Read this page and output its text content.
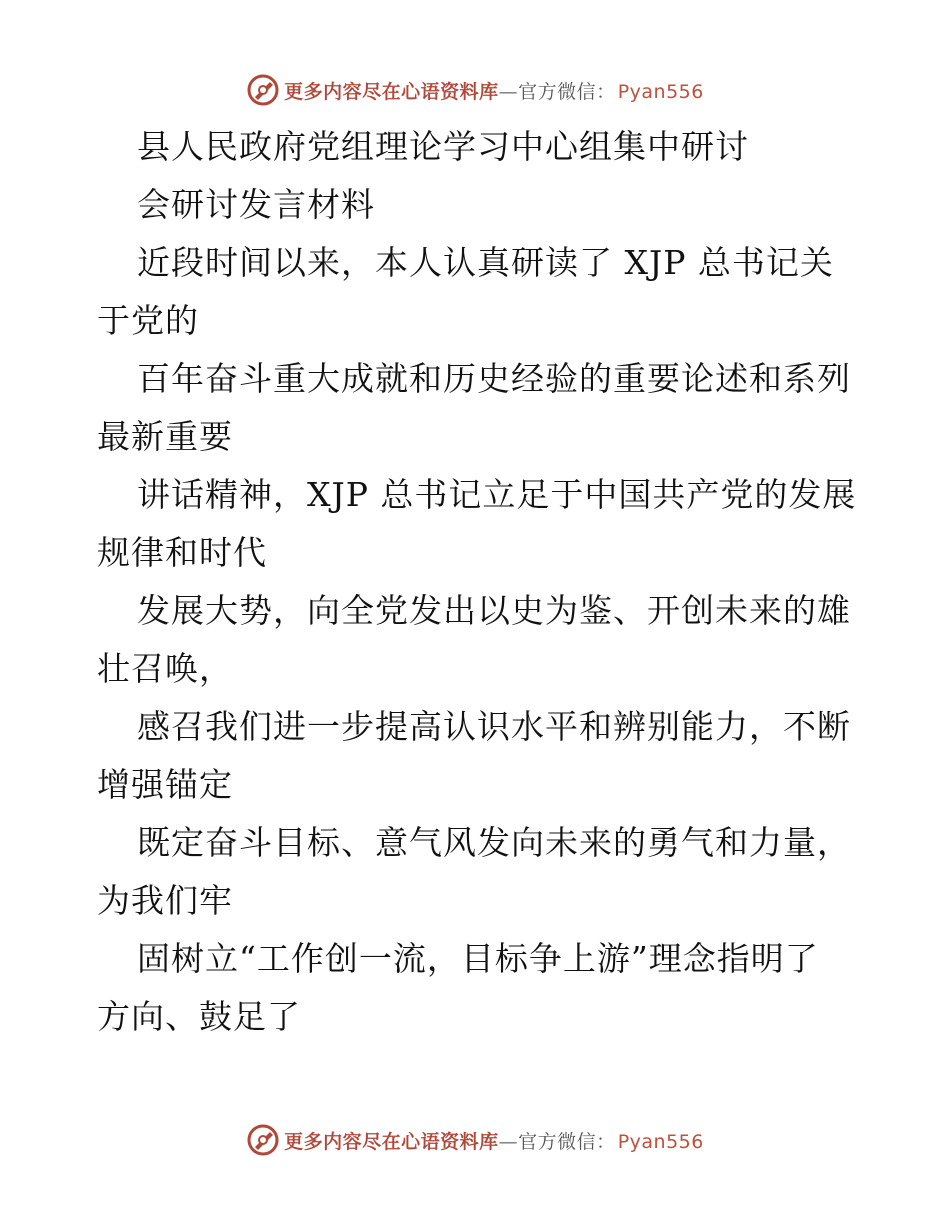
更多内容尽在心语资料库—官方微信： Pyan556
县人民政府党组理论学习中心组集中研讨
会研讨发言材料
近段时间以来，本人认真研读了 XJP 总书记关
于党的
百年奋斗重大成就和历史经验的重要论述和系列
最新重要
讲话精神，XJP 总书记立足于中国共产党的发展
规律和时代
发展大势，向全党发出以史为鉴、开创未来的雄
壮召唤，
感召我们进一步提高认识水平和辨别能力，不断
增强锚定
既定奋斗目标、意气风发向未来的勇气和力量，
为我们牢
固树立“工作创一流，目标争上游”理念指明了
方向、鼓足了
更多内容尽在心语资料库—官方微信： Pyan556
